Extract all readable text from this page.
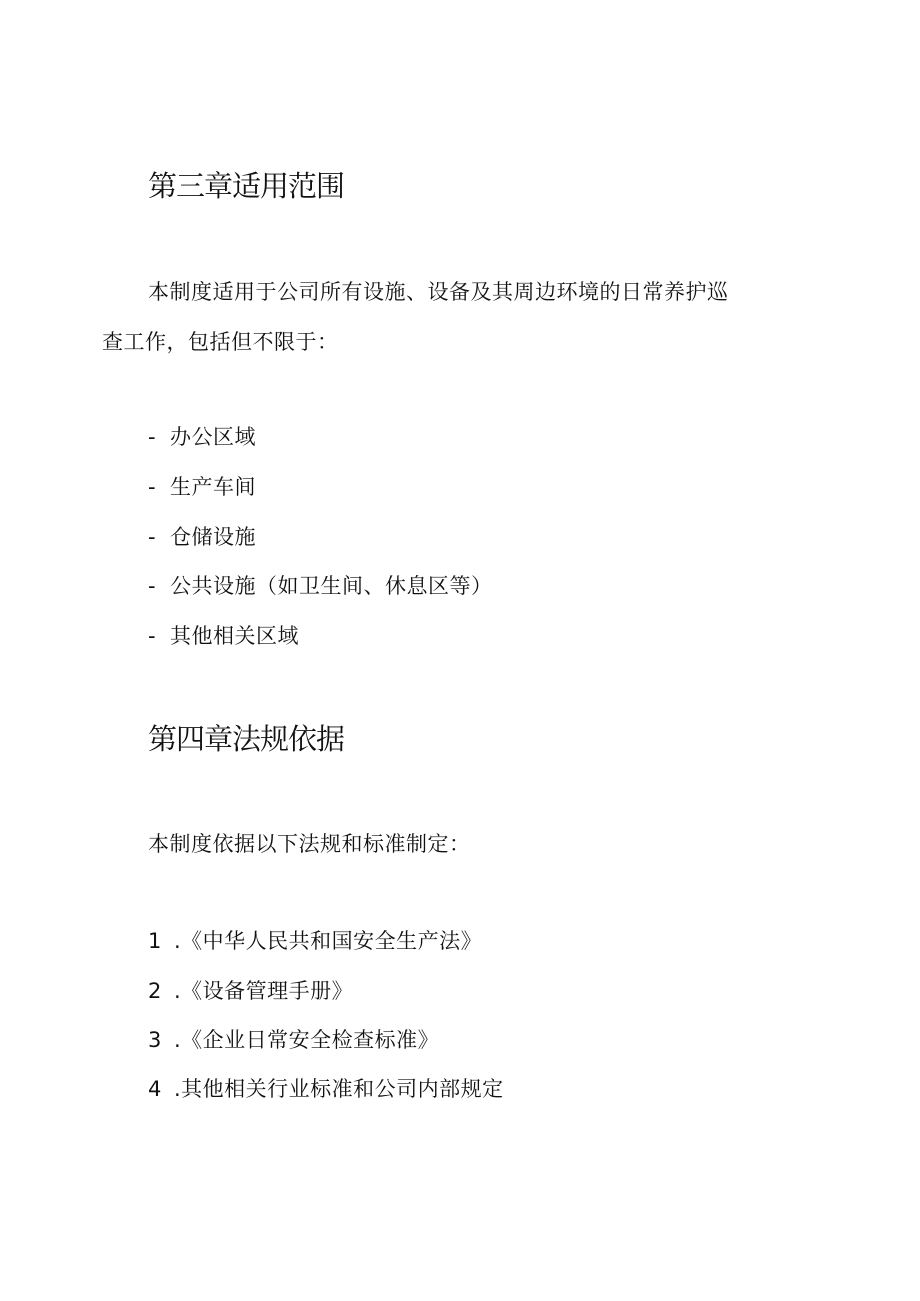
第三章适用范围

本制度适用于公司所有设施、设备及其周边环境的日常养护巡

查工作，包括但不限于：

- 办公区域
- 生产车间
- 仓储设施
- 公共设施（如卫生间、休息区等）
- 其他相关区域
第四章法规依据

本制度依据以下法规和标准制定：

1 .《中华人民共和国安全生产法》
2 .《设备管理手册》
3 .《企业日常安全检查标准》
4 .其他相关行业标准和公司内部规定
